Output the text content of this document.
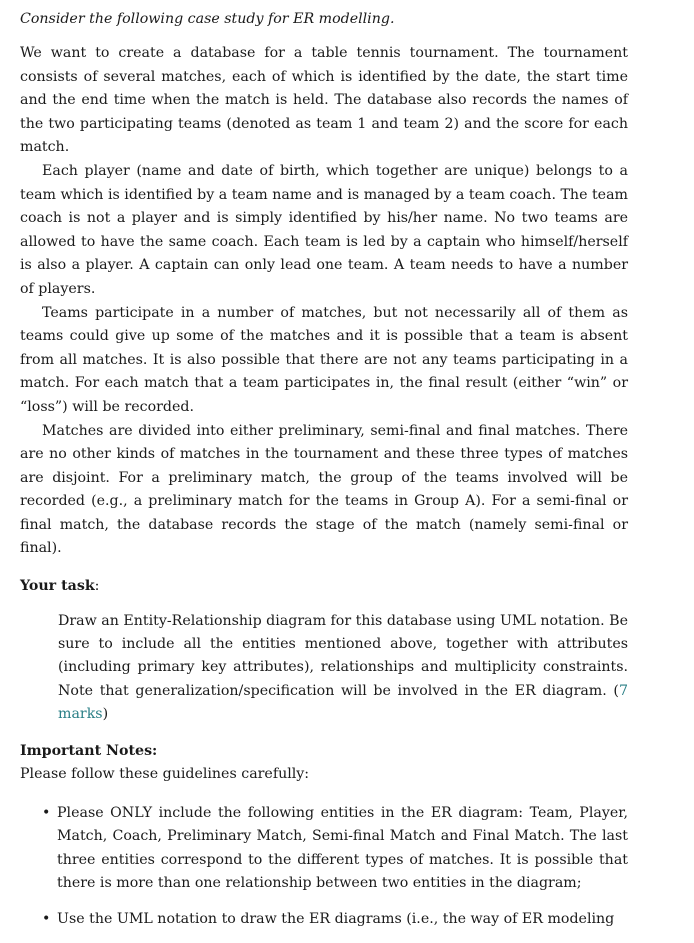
Consider the following case study for ER modelling.

We want to create a database for a table tennis tournament. The tournament consists of several matches, each of which is identified by the date, the start time and the end time when the match is held. The database also records the names of the two participating teams (denoted as team 1 and team 2) and the score for each match.

Each player (name and date of birth, which together are unique) belongs to a team which is identified by a team name and is managed by a team coach. The team coach is not a player and is simply identified by his/her name. No two teams are allowed to have the same coach. Each team is led by a captain who himself/herself is also a player. A captain can only lead one team. A team needs to have a number of players.

Teams participate in a number of matches, but not necessarily all of them as teams could give up some of the matches and it is possible that a team is absent from all matches. It is also possible that there are not any teams participating in a match. For each match that a team participates in, the final result (either “win” or “loss”) will be recorded.

Matches are divided into either preliminary, semi-final and final matches. There are no other kinds of matches in the tournament and these three types of matches are disjoint. For a preliminary match, the group of the teams involved will be recorded (e.g., a preliminary match for the teams in Group A). For a semi-final or final match, the database records the stage of the match (namely semi-final or final).

Your task:

Draw an Entity-Relationship diagram for this database using UML notation. Be sure to include all the entities mentioned above, together with attributes (including primary key attributes), relationships and multiplicity constraints. Note that generalization/specification will be involved in the ER diagram. (7 marks)

Important Notes:

Please follow these guidelines carefully:

• Please ONLY include the following entities in the ER diagram: Team, Player, Match, Coach, Preliminary Match, Semi-final Match and Final Match. The last three entities correspond to the different types of matches. It is possible that there is more than one relationship between two entities in the diagram;
• Use the UML notation to draw the ER diagrams (i.e., the way of ER modeling
